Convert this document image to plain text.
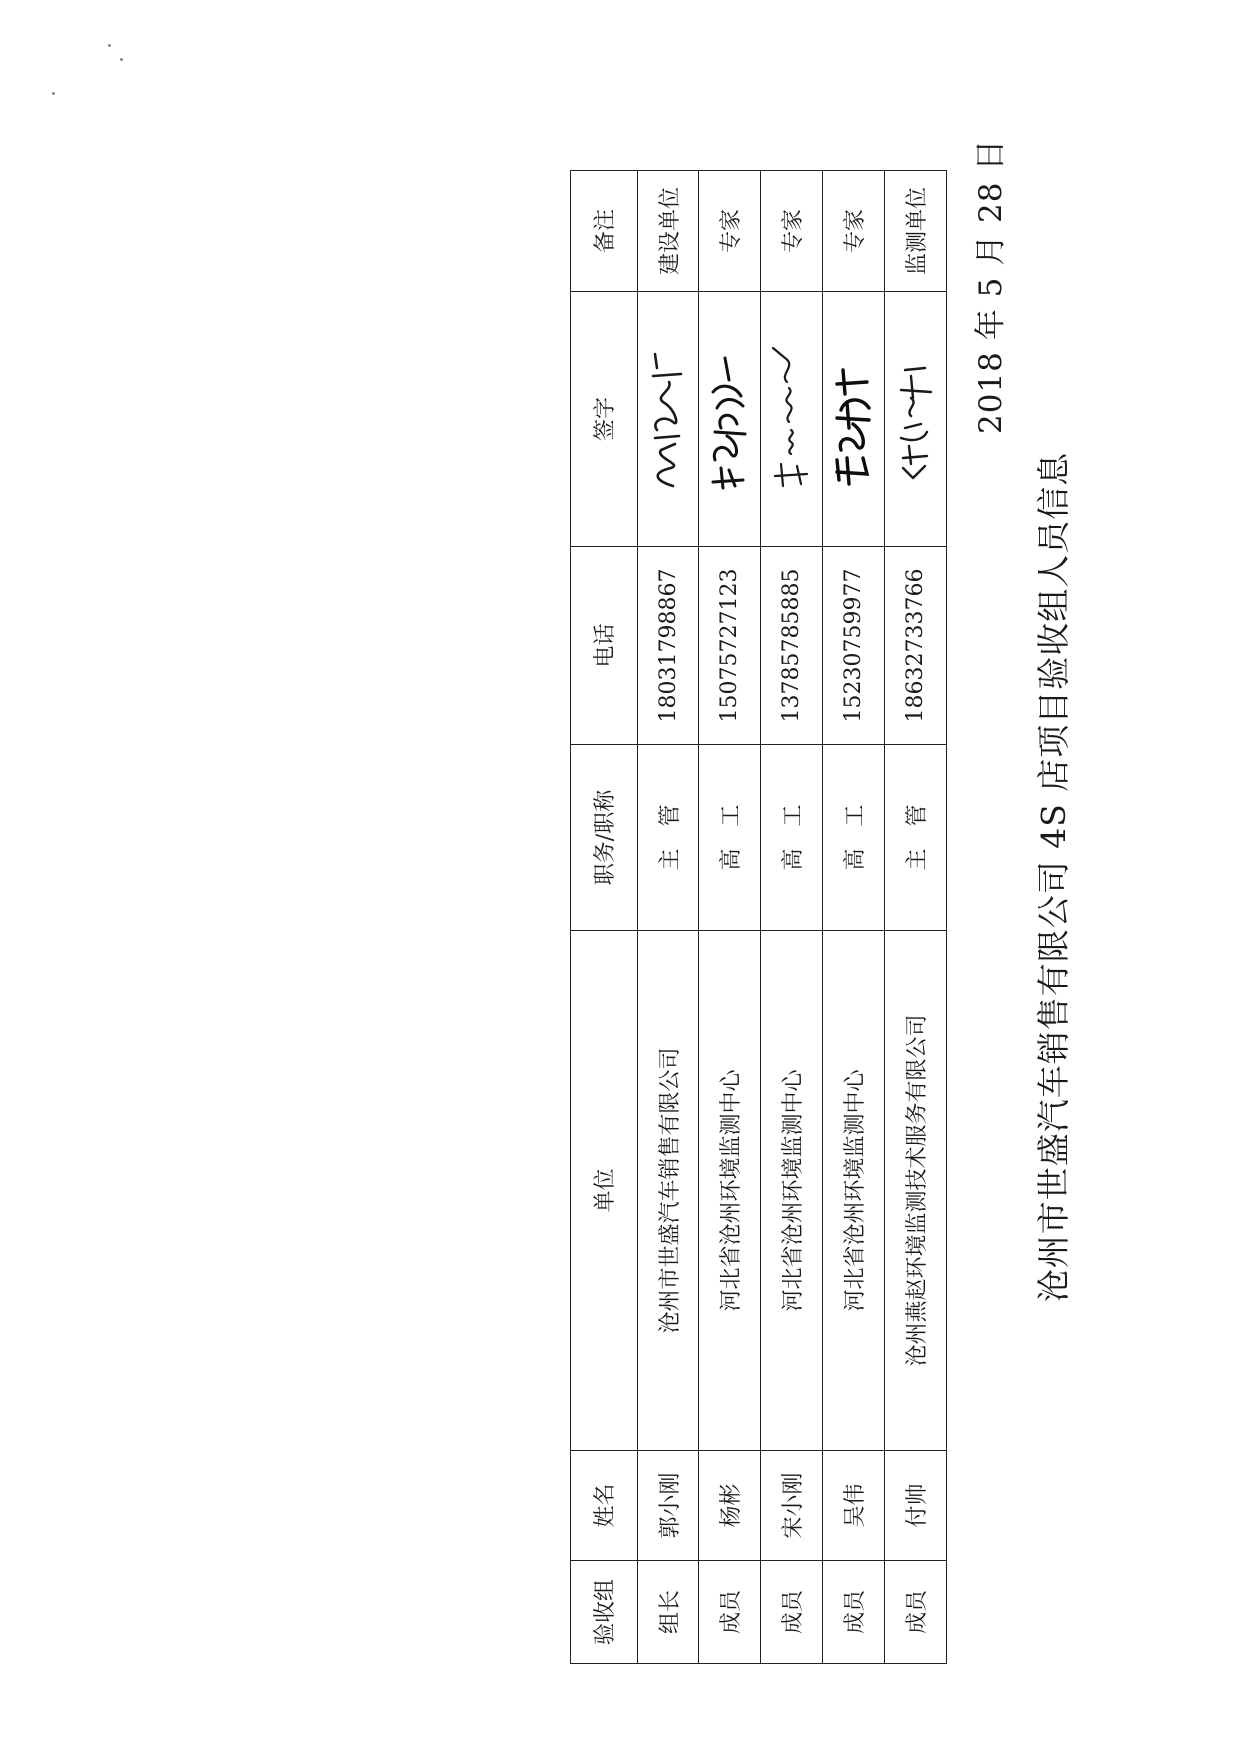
沧州市世盛汽车销售有限公司 4S 店项目验收组人员信息
2018 年 5 月 28 日
验收组	姓名	单位	职务/职称	电话	签字	备注
组长	郭小刚	沧州市世盛汽车销售有限公司	主　管	18031798867		建设单位
成员	杨彬	河北省沧州环境监测中心	高　工	15075727123		专家
成员	宋小刚	河北省沧州环境监测中心	高　工	13785785885		专家
成员	吴伟	河北省沧州环境监测中心	高　工	15230759977		专家
成员	付帅	沧州燕赵环境监测技术服务有限公司	主　管	18632733766		监测单位
